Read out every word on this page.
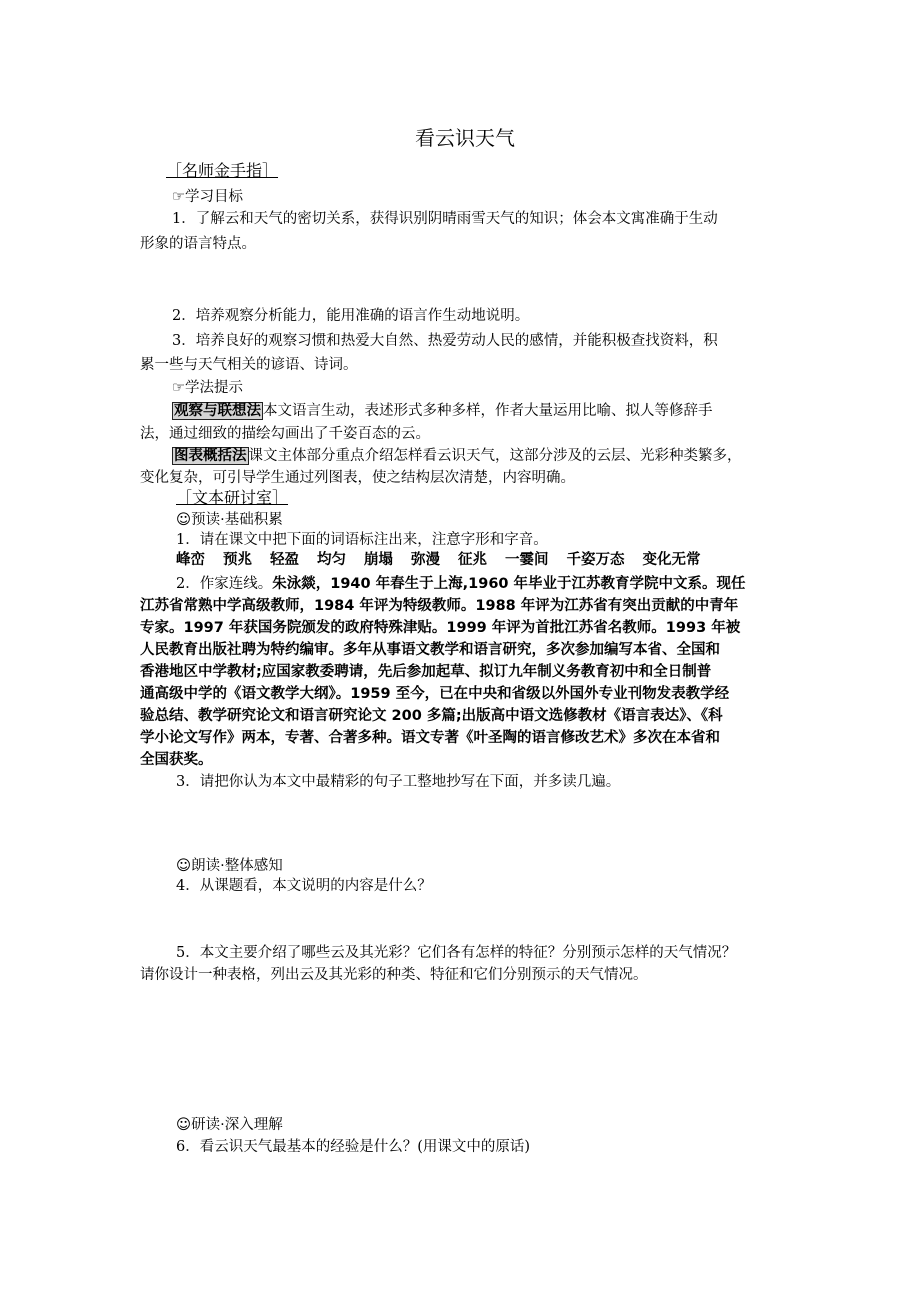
看云识天气
［名师金手指］
☞学习目标
1．了解云和天气的密切关系，获得识别阴晴雨雪天气的知识；体会本文寓准确于生动
形象的语言特点。
2．培养观察分析能力，能用准确的语言作生动地说明。
3．培养良好的观察习惯和热爱大自然、热爱劳动人民的感情，并能积极查找资料，积
累一些与天气相关的谚语、诗词。
☞学法提示
观察与联想法 本文语言生动，表述形式多种多样，作者大量运用比喻、拟人等修辞手
法，通过细致的描绘勾画出了千姿百态的云。
图表概括法 课文主体部分重点介绍怎样看云识天气，这部分涉及的云层、光彩种类繁多，
变化复杂，可引导学生通过列图表，使之结构层次清楚，内容明确。
［文本研讨室］
☺预读·基础积累
1．请在课文中把下面的词语标注出来，注意字形和字音。
峰峦 预兆 轻盈 均匀 崩塌 弥漫 征兆 一霎间 千姿万态 变化无常
2．作家连线。朱泳燚，1940 年春生于上海,1960 年毕业于江苏教育学院中文系。现任
江苏省常熟中学高级教师，1984 年评为特级教师。1988 年评为江苏省有突出贡献的中青年
专家。1997 年获国务院颁发的政府特殊津贴。1999 年评为首批江苏省名教师。1993 年被
人民教育出版社聘为特约编审。多年从事语文教学和语言研究，多次参加编写本省、全国和
香港地区中学教材;应国家教委聘请，先后参加起草、拟订九年制义务教育初中和全日制普
通高级中学的《语文教学大纲》。1959 至今，已在中央和省级以外国外专业刊物发表教学经
验总结、教学研究论文和语言研究论文 200 多篇;出版高中语文选修教材《语言表达》、《科
学小论文写作》两本，专著、合著多种。语文专著《叶圣陶的语言修改艺术》多次在本省和
全国获奖。
3．请把你认为本文中最精彩的句子工整地抄写在下面，并多读几遍。
☺朗读·整体感知
4．从课题看，本文说明的内容是什么？
5．本文主要介绍了哪些云及其光彩？它们各有怎样的特征？分别预示怎样的天气情况？
请你设计一种表格，列出云及其光彩的种类、特征和它们分别预示的天气情况。
☺研读·深入理解
6．看云识天气最基本的经验是什么？(用课文中的原话)
